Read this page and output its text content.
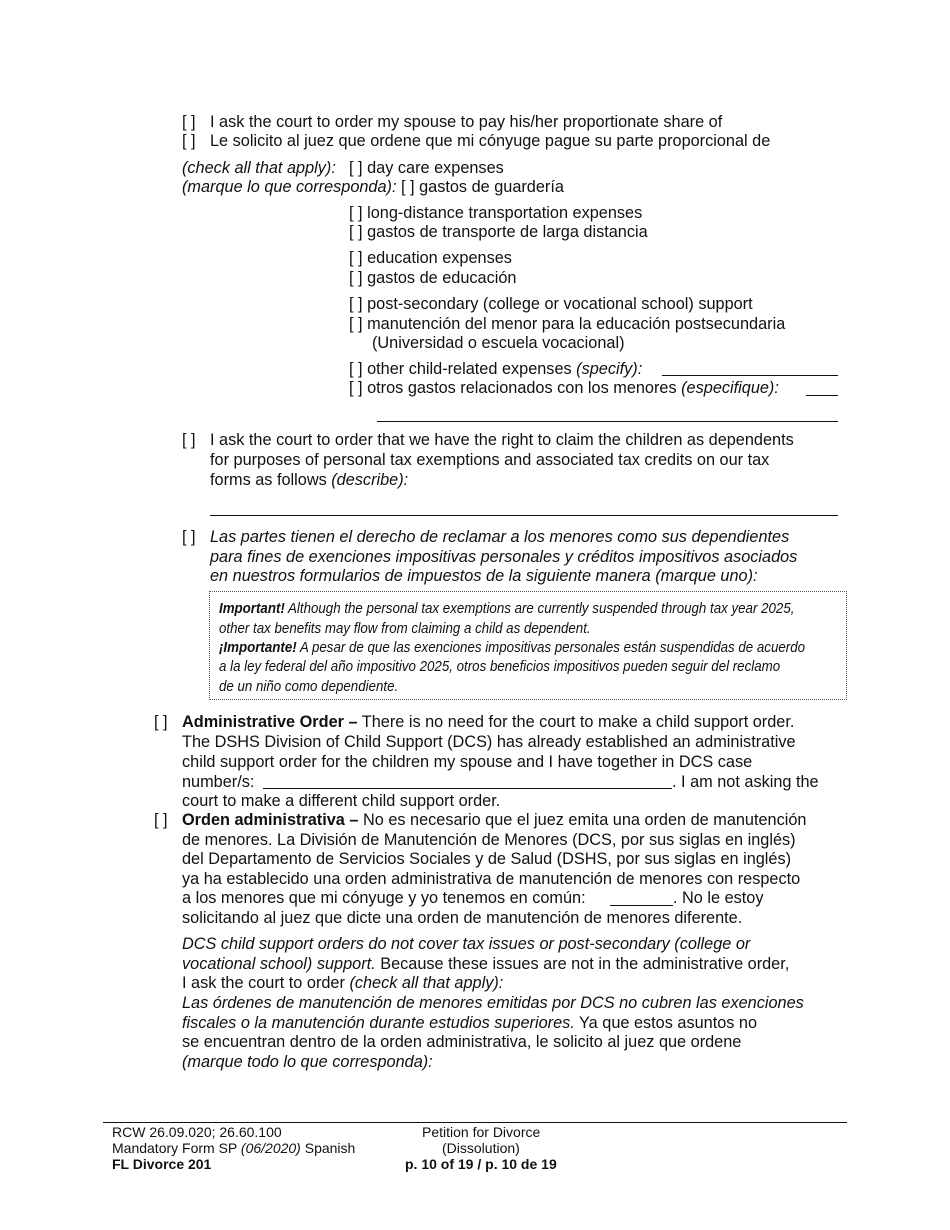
[ ] I ask the court to order my spouse to pay his/her proportionate share of
[ ] Le solicito al juez que ordene que mi cónyuge pague su parte proporcional de
(check all that apply): [ ] day care expenses
(marque lo que corresponda): [ ] gastos de guardería
[ ] long-distance transportation expenses
[ ] gastos de transporte de larga distancia
[ ] education expenses
[ ] gastos de educación
[ ] post-secondary (college or vocational school) support
[ ] manutención del menor para la educación postsecundaria
(Universidad o escuela vocacional)
[ ] other child-related expenses (specify):
[ ] otros gastos relacionados con los menores (especifique):
[ ] I ask the court to order that we have the right to claim the children as dependents
for purposes of personal tax exemptions and associated tax credits on our tax
forms as follows (describe):
[ ] Las partes tienen el derecho de reclamar a los menores como sus dependientes
para fines de exenciones impositivas personales y créditos impositivos asociados
en nuestros formularios de impuestos de la siguiente manera (marque uno):
Important! Although the personal tax exemptions are currently suspended through tax year 2025,
other tax benefits may flow from claiming a child as dependent.
¡Importante! A pesar de que las exenciones impositivas personales están suspendidas de acuerdo
a la ley federal del año impositivo 2025, otros beneficios impositivos pueden seguir del reclamo
de un niño como dependiente.
[ ] Administrative Order – There is no need for the court to make a child support order.
The DSHS Division of Child Support (DCS) has already established an administrative
child support order for the children my spouse and I have together in DCS case
number/s:	. I am not asking the
court to make a different child support order.
[ ] Orden administrativa – No es necesario que el juez emita una orden de manutención
de menores. La División de Manutención de Menores (DCS, por sus siglas en inglés)
del Departamento de Servicios Sociales y de Salud (DSHS, por sus siglas en inglés)
ya ha establecido una orden administrativa de manutención de menores con respecto
a los menores que mi cónyuge y yo tenemos en común:	. No le estoy
solicitando al juez que dicte una orden de manutención de menores diferente.
DCS child support orders do not cover tax issues or post-secondary (college or
vocational school) support. Because these issues are not in the administrative order,
I ask the court to order (check all that apply):
Las órdenes de manutención de menores emitidas por DCS no cubren las exenciones
fiscales o la manutención durante estudios superiores. Ya que estos asuntos no
se encuentran dentro de la orden administrativa, le solicito al juez que ordene
(marque todo lo que corresponda):
RCW 26.09.020; 26.60.100
Mandatory Form SP (06/2020) Spanish
FL Divorce 201
Petition for Divorce
(Dissolution)
p. 10 of 19 / p. 10 de 19
